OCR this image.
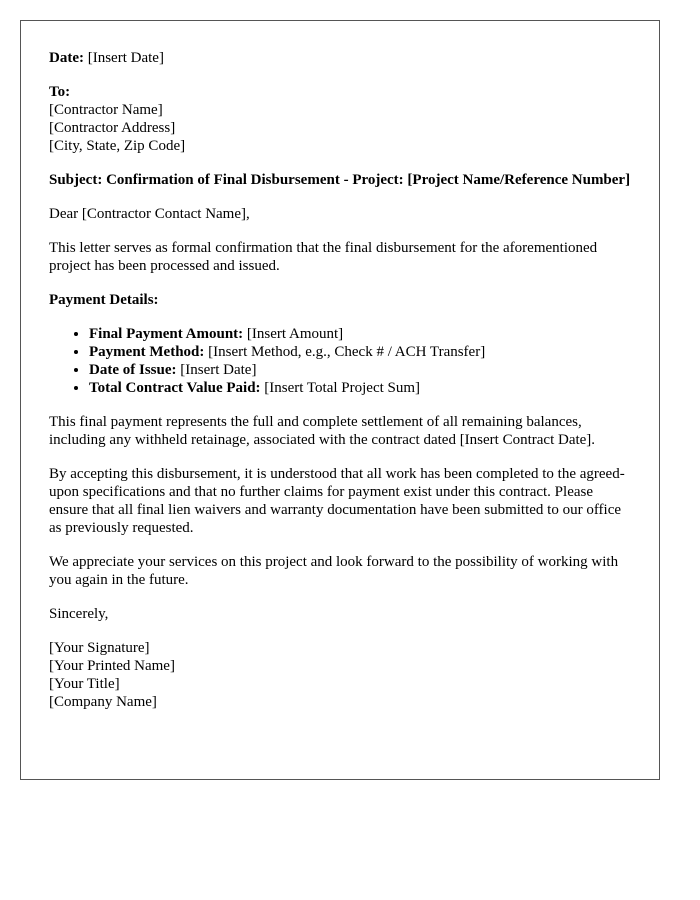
Date: [Insert Date]

To:
[Contractor Name]
[Contractor Address]
[City, State, Zip Code]

Subject: Confirmation of Final Disbursement - Project: [Project Name/Reference Number]

Dear [Contractor Contact Name],

This letter serves as formal confirmation that the final disbursement for the aforementioned project has been processed and issued.

Payment Details:

• Final Payment Amount: [Insert Amount]
• Payment Method: [Insert Method, e.g., Check # / ACH Transfer]
• Date of Issue: [Insert Date]
• Total Contract Value Paid: [Insert Total Project Sum]

This final payment represents the full and complete settlement of all remaining balances, including any withheld retainage, associated with the contract dated [Insert Contract Date].

By accepting this disbursement, it is understood that all work has been completed to the agreed-upon specifications and that no further claims for payment exist under this contract. Please ensure that all final lien waivers and warranty documentation have been submitted to our office as previously requested.

We appreciate your services on this project and look forward to the possibility of working with you again in the future.

Sincerely,

[Your Signature]
[Your Printed Name]
[Your Title]
[Company Name]
